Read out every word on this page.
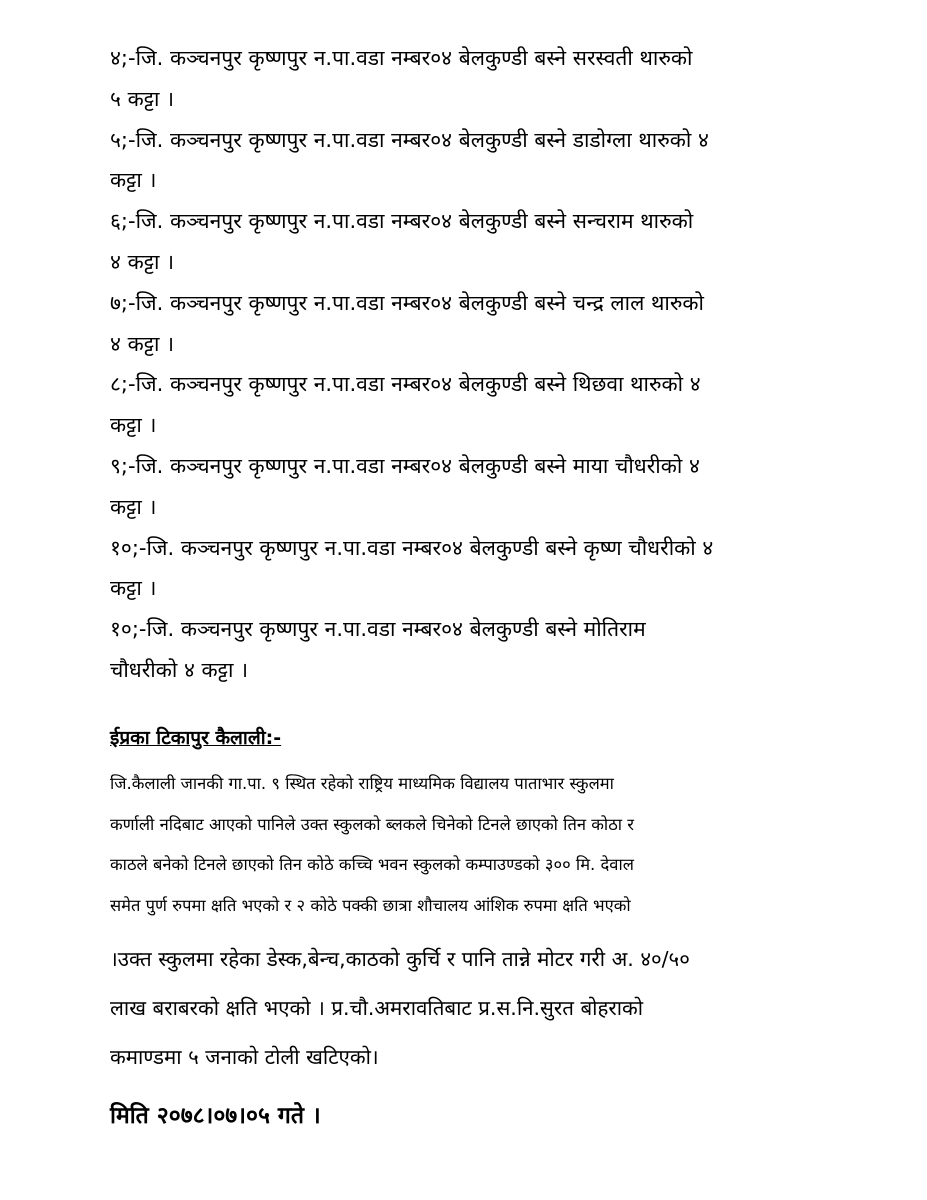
४;-जि. कञ्चनपुर कृष्णपुर न.पा.वडा नम्बर०४ बेलकुण्डी बस्ने सरस्वती थारुको
५ कट्टा ।

५;-जि. कञ्चनपुर कृष्णपुर न.पा.वडा नम्बर०४ बेलकुण्डी बस्ने डाडोग्ला थारुको ४
कट्टा ।

६;-जि. कञ्चनपुर कृष्णपुर न.पा.वडा नम्बर०४ बेलकुण्डी बस्ने सन्चराम थारुको
४ कट्टा ।

७;-जि. कञ्चनपुर कृष्णपुर न.पा.वडा नम्बर०४ बेलकुण्डी बस्ने चन्द्र लाल थारुको
४ कट्टा ।

८;-जि. कञ्चनपुर कृष्णपुर न.पा.वडा नम्बर०४ बेलकुण्डी बस्ने थिछवा थारुको ४
कट्टा ।

९;-जि. कञ्चनपुर कृष्णपुर न.पा.वडा नम्बर०४ बेलकुण्डी बस्ने माया चौधरीको ४
कट्टा ।

१०;-जि. कञ्चनपुर कृष्णपुर न.पा.वडा नम्बर०४ बेलकुण्डी बस्ने कृष्ण चौधरीको ४
कट्टा ।

१०;-जि. कञ्चनपुर कृष्णपुर न.पा.वडा नम्बर०४ बेलकुण्डी बस्ने मोतिराम
चौधरीको ४ कट्टा ।

ईप्रका टिकापुर कैलाली:-

जि.कैलाली जानकी गा.पा. ९ स्थित रहेको राष्ट्रिय माध्यमिक विद्यालय पाताभार स्कुलमा
कर्णाली नदिबाट आएको पानिले उक्त स्कुलको ब्लकले चिनेको टिनले छाएको तिन कोठा र
काठले बनेको टिनले छाएको तिन कोठे कच्चि भवन स्कुलको कम्पाउण्डको ३०० मि. देवाल
समेत पुर्ण रुपमा क्षति भएको र २ कोठे पक्की छात्रा शौचालय आंशिक रुपमा क्षति भएको

।उक्त स्कुलमा रहेका डेस्क,बेन्च,काठको कुर्चि र पानि तान्ने मोटर गरी अ. ४०/५०
लाख बराबरको क्षति भएको । प्र.चौ.अमरावतिबाट प्र.स.नि.सुरत बोहराको
कमाण्डमा ५ जनाको टोली खटिएको।

मिति २०७८।०७।०५ गते ।
